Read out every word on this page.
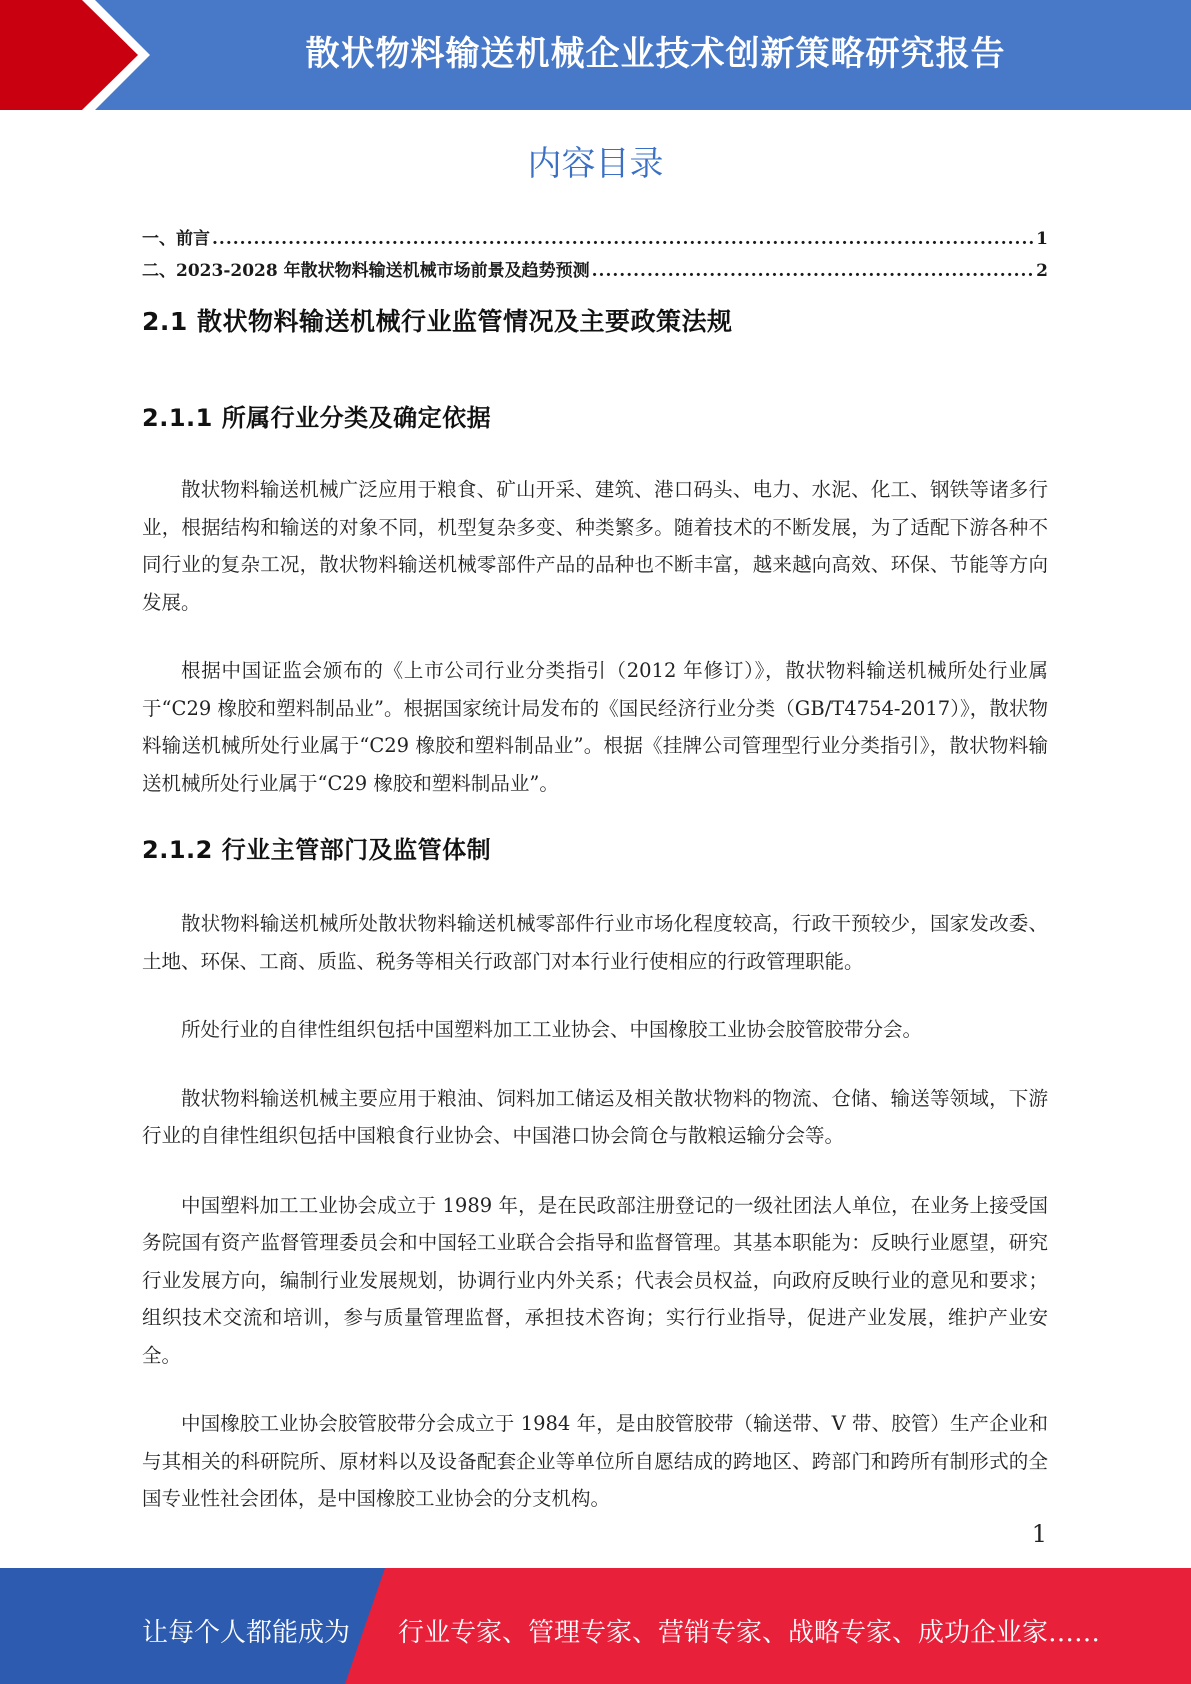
散状物料输送机械企业技术创新策略研究报告
内容目录
一、前言 .....	1
二、2023-2028 年散状物料输送机械市场前景及趋势预测 .....	2
2.1 散状物料输送机械行业监管情况及主要政策法规
2.1.1 所属行业分类及确定依据

散状物料输送机械广泛应用于粮食、矿山开采、建筑、港口码头、电力、水泥、化工、钢铁等诸多行业，根据结构和输送的对象不同，机型复杂多变、种类繁多。随着技术的不断发展，为了适配下游各种不同行业的复杂工况，散状物料输送机械零部件产品的品种也不断丰富，越来越向高效、环保、节能等方向发展。

根据中国证监会颁布的《上市公司行业分类指引（2012 年修订）》，散状物料输送机械所处行业属于“C29 橡胶和塑料制品业”。根据国家统计局发布的《国民经济行业分类（GB/T4754-2017）》，散状物料输送机械所处行业属于“C29 橡胶和塑料制品业”。根据《挂牌公司管理型行业分类指引》，散状物料输送机械所处行业属于“C29 橡胶和塑料制品业”。

2.1.2 行业主管部门及监管体制

散状物料输送机械所处散状物料输送机械零部件行业市场化程度较高，行政干预较少，国家发改委、土地、环保、工商、质监、税务等相关行政部门对本行业行使相应的行政管理职能。

所处行业的自律性组织包括中国塑料加工工业协会、中国橡胶工业协会胶管胶带分会。

散状物料输送机械主要应用于粮油、饲料加工储运及相关散状物料的物流、仓储、输送等领域，下游行业的自律性组织包括中国粮食行业协会、中国港口协会筒仓与散粮运输分会等。

中国塑料加工工业协会成立于 1989 年，是在民政部注册登记的一级社团法人单位，在业务上接受国务院国有资产监督管理委员会和中国轻工业联合会指导和监督管理。其基本职能为：反映行业愿望，研究行业发展方向，编制行业发展规划，协调行业内外关系；代表会员权益，向政府反映行业的意见和要求；组织技术交流和培训，参与质量管理监督，承担技术咨询；实行行业指导，促进产业发展，维护产业安全。

中国橡胶工业协会胶管胶带分会成立于 1984 年，是由胶管胶带（输送带、V 带、胶管）生产企业和与其相关的科研院所、原材料以及设备配套企业等单位所自愿结成的跨地区、跨部门和跨所有制形式的全国专业性社会团体，是中国橡胶工业协会的分支机构。

1
让每个人都能成为 行业专家、管理专家、营销专家、战略专家、成功企业家……
